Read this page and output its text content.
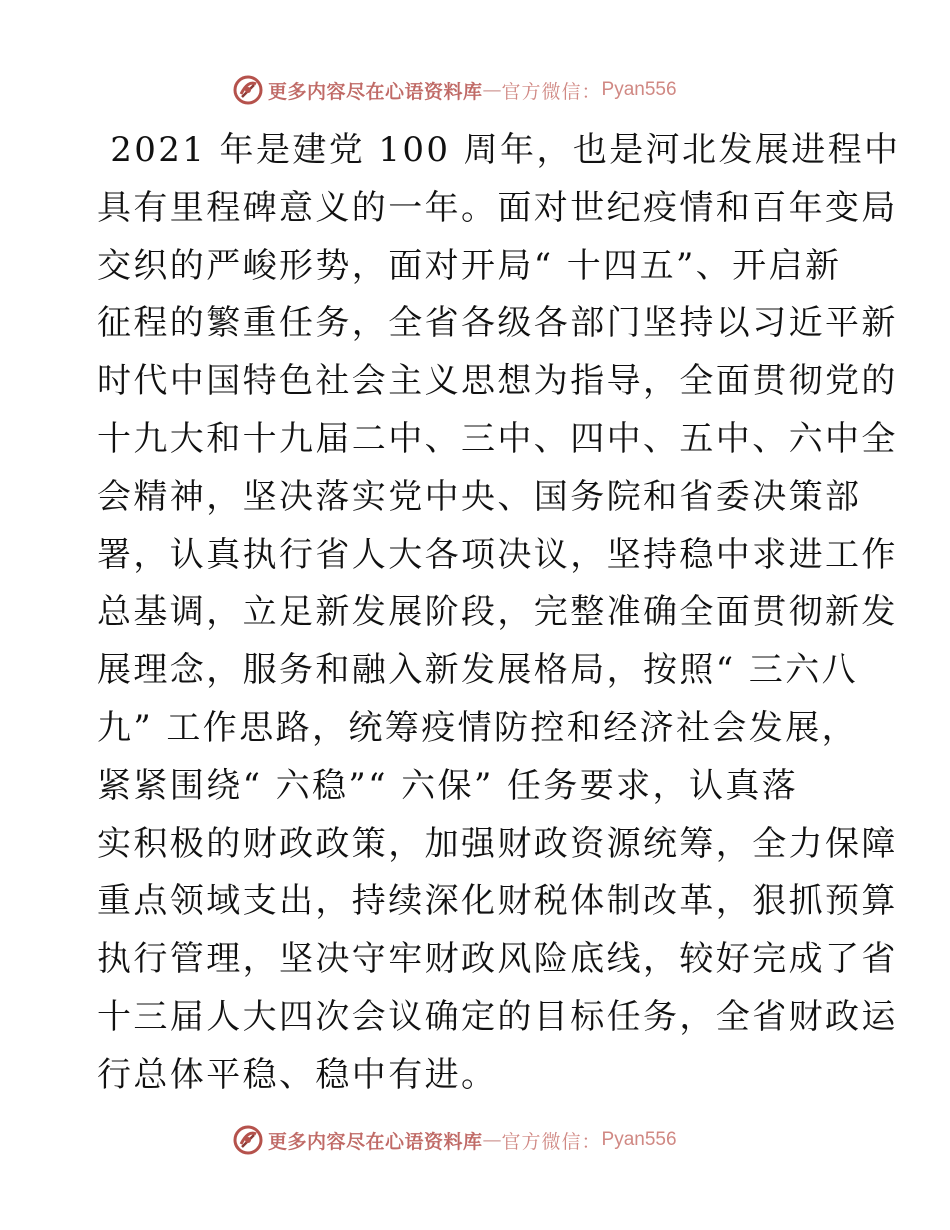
更多内容尽在心语资料库 — 官方微信： Pyan556
2021 年是建党 100 周年，也是河北发展进程中
具有里程碑意义的一年。面对世纪疫情和百年变局
交织的严峻形势，面对开局“ 十四五”、开启新
征程的繁重任务，全省各级各部门坚持以习近平新
时代中国特色社会主义思想为指导，全面贯彻党的
十九大和十九届二中、三中、四中、五中、六中全
会精神，坚决落实党中央、国务院和省委决策部
署，认真执行省人大各项决议，坚持稳中求进工作
总基调，立足新发展阶段，完整准确全面贯彻新发
展理念，服务和融入新发展格局，按照“ 三六八
九” 工作思路，统筹疫情防控和经济社会发展，
紧紧围绕“ 六稳”“ 六保” 任务要求，认真落
实积极的财政政策，加强财政资源统筹，全力保障
重点领域支出，持续深化财税体制改革，狠抓预算
执行管理，坚决守牢财政风险底线，较好完成了省
十三届人大四次会议确定的目标任务，全省财政运
行总体平稳、稳中有进。
更多内容尽在心语资料库 — 官方微信： Pyan556
